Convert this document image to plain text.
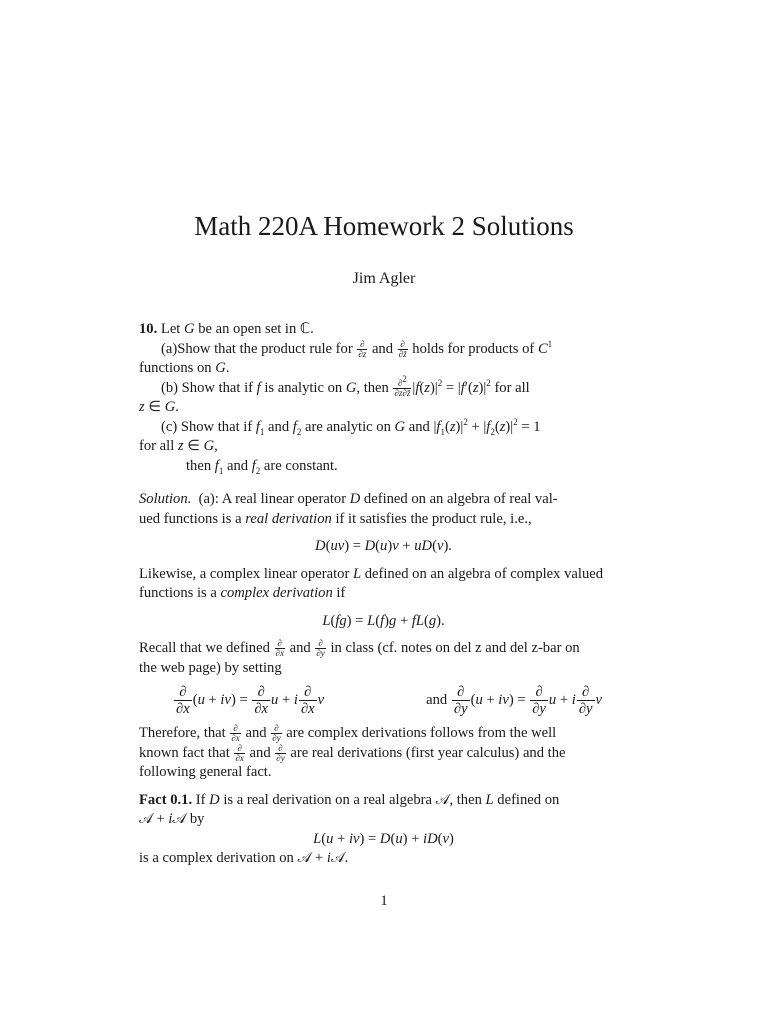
Math 220A Homework 2 Solutions
Jim Agler
10. Let G be an open set in ℂ.
(a)Show that the product rule for $\frac{\partial}{\partial z}$ and $\frac{\partial}{\partial z̄}$ holds for products of $C^1$
functions on G.
(b) Show that if f is analytic on G, then $\frac{\partial^2}{\partial z\partial z̄} |f(z)|^2 = |f'(z)|^2$ for all
z ∈ G.
(c) Show that if $f_1$ and $f_2$ are analytic on G and $|f_1(z)|^2 + |f_2(z)|^2 = 1$
for all z ∈ G,
then $f_1$ and $f_2$ are constant.
Solution.  (a): A real linear operator D defined on an algebra of real val-
ued functions is a real derivation if it satisfies the product rule, i.e.,
D(uv) = D(u)v + uD(v).
Likewise, a complex linear operator L defined on an algebra of complex valued
functions is a complex derivation if
L(fg) = L(f)g + fL(g).
Recall that we defined $\frac{\partial}{\partial x}$ and $\frac{\partial}{\partial y}$ in class (cf. notes on del z and del z-bar on
the web page) by setting
∂
∂x
(u + iv) = ∂
∂x
u + i ∂
∂x
v	and ∂
∂y
(u + iv) = ∂
∂y
u + i ∂
∂y
v
Therefore, that $\frac{\partial}{\partial x}$ and $\frac{\partial}{\partial y}$ are complex derivations follows from the well
known fact that $\frac{\partial}{\partial x}$ and $\frac{\partial}{\partial y}$ are real derivations (first year calculus) and the
following general fact.
Fact 0.1. If D is a real derivation on a real algebra 𝒜, then L defined on
𝒜 + i𝒜 by
L(u + iv) = D(u) + iD(v)
is a complex derivation on 𝒜 + i𝒜.
1
